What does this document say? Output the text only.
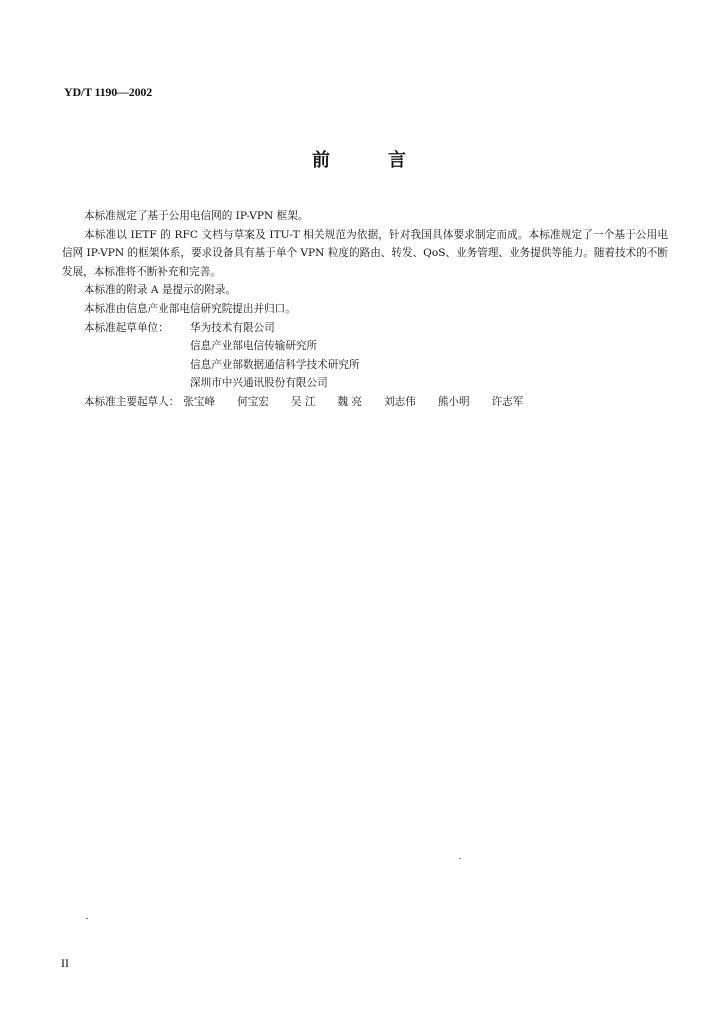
YD/T 1190—2002
前	言

本标准规定了基于公用电信网的 IP-VPN 框架。

本标准以 IETF 的 RFC 文档与草案及 ITU-T 相关规范为依据，针对我国具体要求制定而成。本标准规定了一个基于公用电信网 IP-VPN 的框架体系，要求设备具有基于单个 VPN 粒度的路由、转发、QoS、业务管理、业务提供等能力。随着技术的不断发展，本标准将不断补充和完善。

本标准的附录 A 是提示的附录。

本标准由信息产业部电信研究院提出并归口。

本标准起草单位：	华为技术有限公司
信息产业部电信传输研究所
信息产业部数据通信科学技术研究所
深圳市中兴通讯股份有限公司
本标准主要起草人： 张宝峰 何宝宏 吴 江 魏 亮 刘志伟 熊小明 许志军
II
